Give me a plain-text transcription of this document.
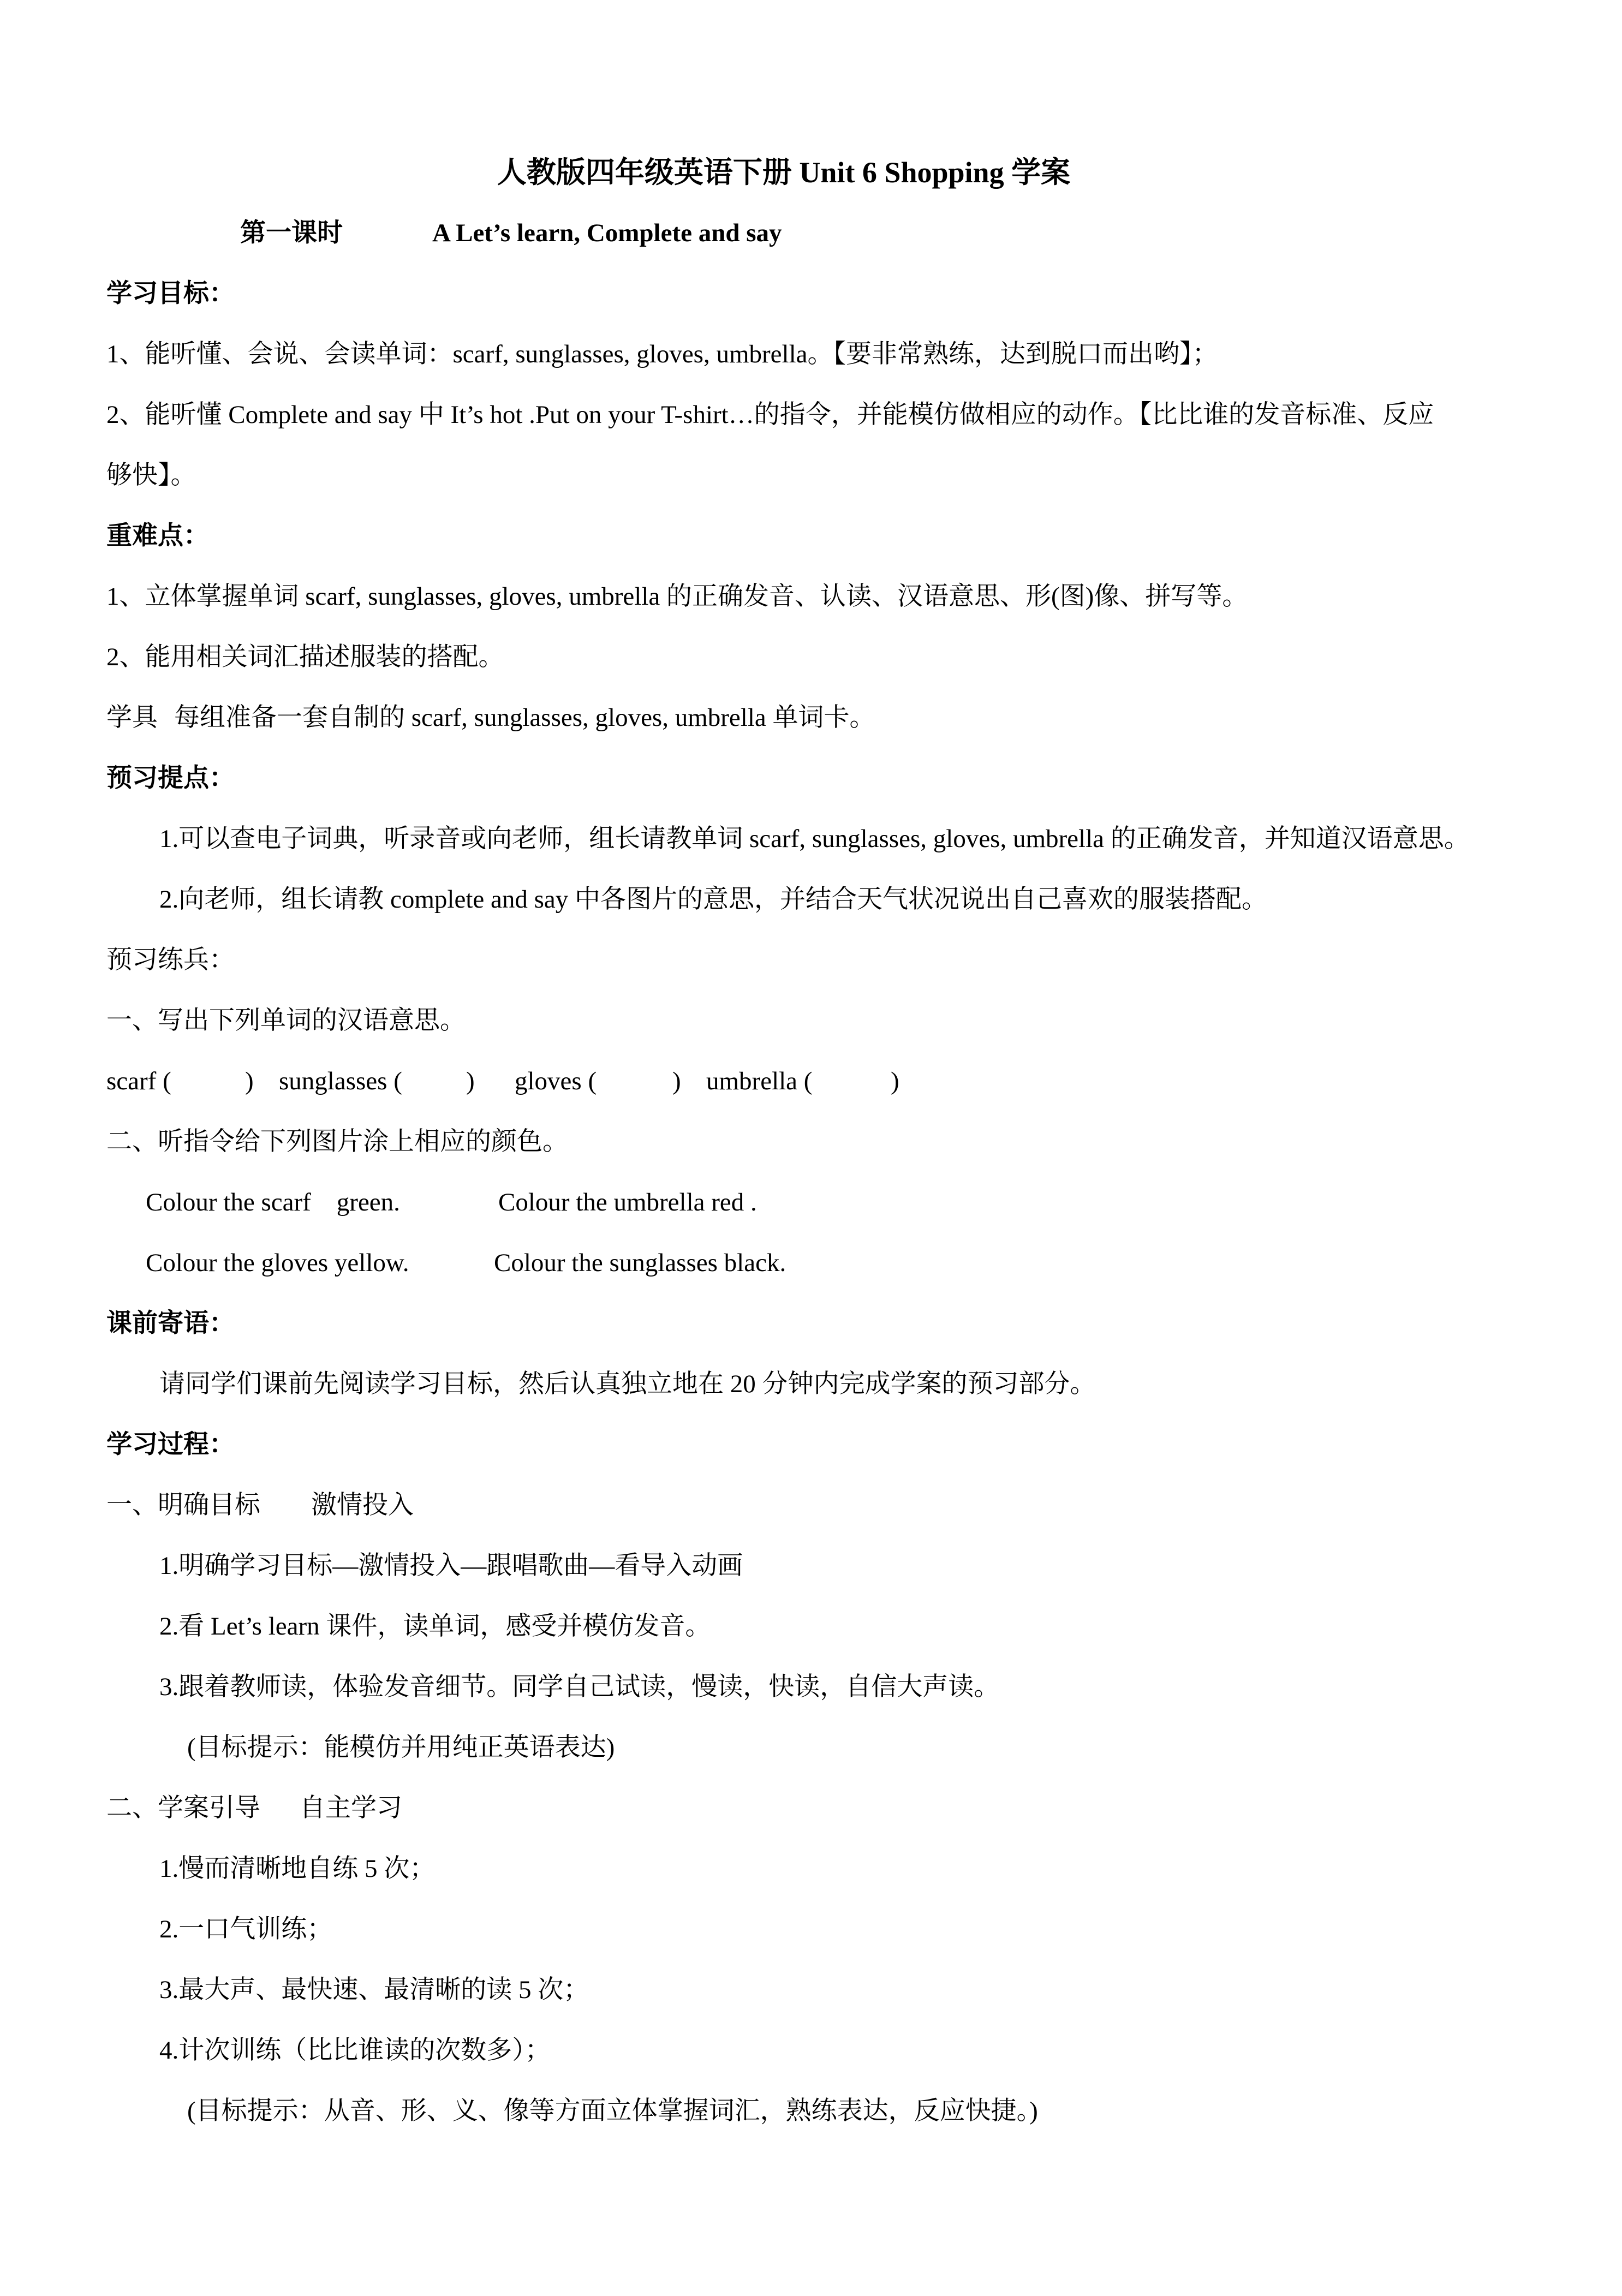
人教版四年级英语下册 Unit 6 Shopping 学案

第一课时

	A Let’s learn, Complete and say

学习目标：
1、能听懂、会说、会读单词：scarf, sunglasses, gloves, umbrella。【要非常熟练，达到脱口而出哟】；
2、能听懂 Complete and say 中 It’s hot .Put on your T-shirt…的指令，并能模仿做相应的动作。【比比谁的发音标准、反应
够快】。
重难点：
1、立体掌握单词 scarf, sunglasses, gloves, umbrella 的正确发音、认读、汉语意思、形(图)像、拼写等。
2、能用相关词汇描述服装的搭配。

学具

每组准备一套自制的 scarf, sunglasses, gloves, umbrella 单词卡。

预习提点：
1.可以查电子词典，听录音或向老师，组长请教单词 scarf, sunglasses, gloves, umbrella 的正确发音，并知道汉语意思。
2.向老师，组长请教 complete and say 中各图片的意思，并结合天气状况说出自己喜欢的服装搭配。
预习练兵：
一、写出下列单词的汉语意思。

scarf (

	)

sunglasses (

)

gloves (

	)

umbrella (

	)

二、听指令给下列图片涂上相应的颜色。

Colour the scarf    green.

	Colour the umbrella red .

Colour the gloves yellow.

	Colour the sunglasses black.

课前寄语：
请同学们课前先阅读学习目标，然后认真独立地在 20 分钟内完成学案的预习部分。
学习过程：

一、明确目标

激情投入

1.明确学习目标—激情投入—跟唱歌曲—看导入动画
2.看 Let’s learn 课件，读单词，感受并模仿发音。
3.跟着教师读，体验发音细节。同学自己试读，慢读，快读，自信大声读。
(目标提示：能模仿并用纯正英语表达)

二、学案引导

自主学习

1.慢而清晰地自练 5 次；
2.一口气训练；
3.最大声、最快速、最清晰的读 5 次；
4.计次训练（比比谁读的次数多）；
(目标提示：从音、形、义、像等方面立体掌握词汇，熟练表达，反应快捷。)
